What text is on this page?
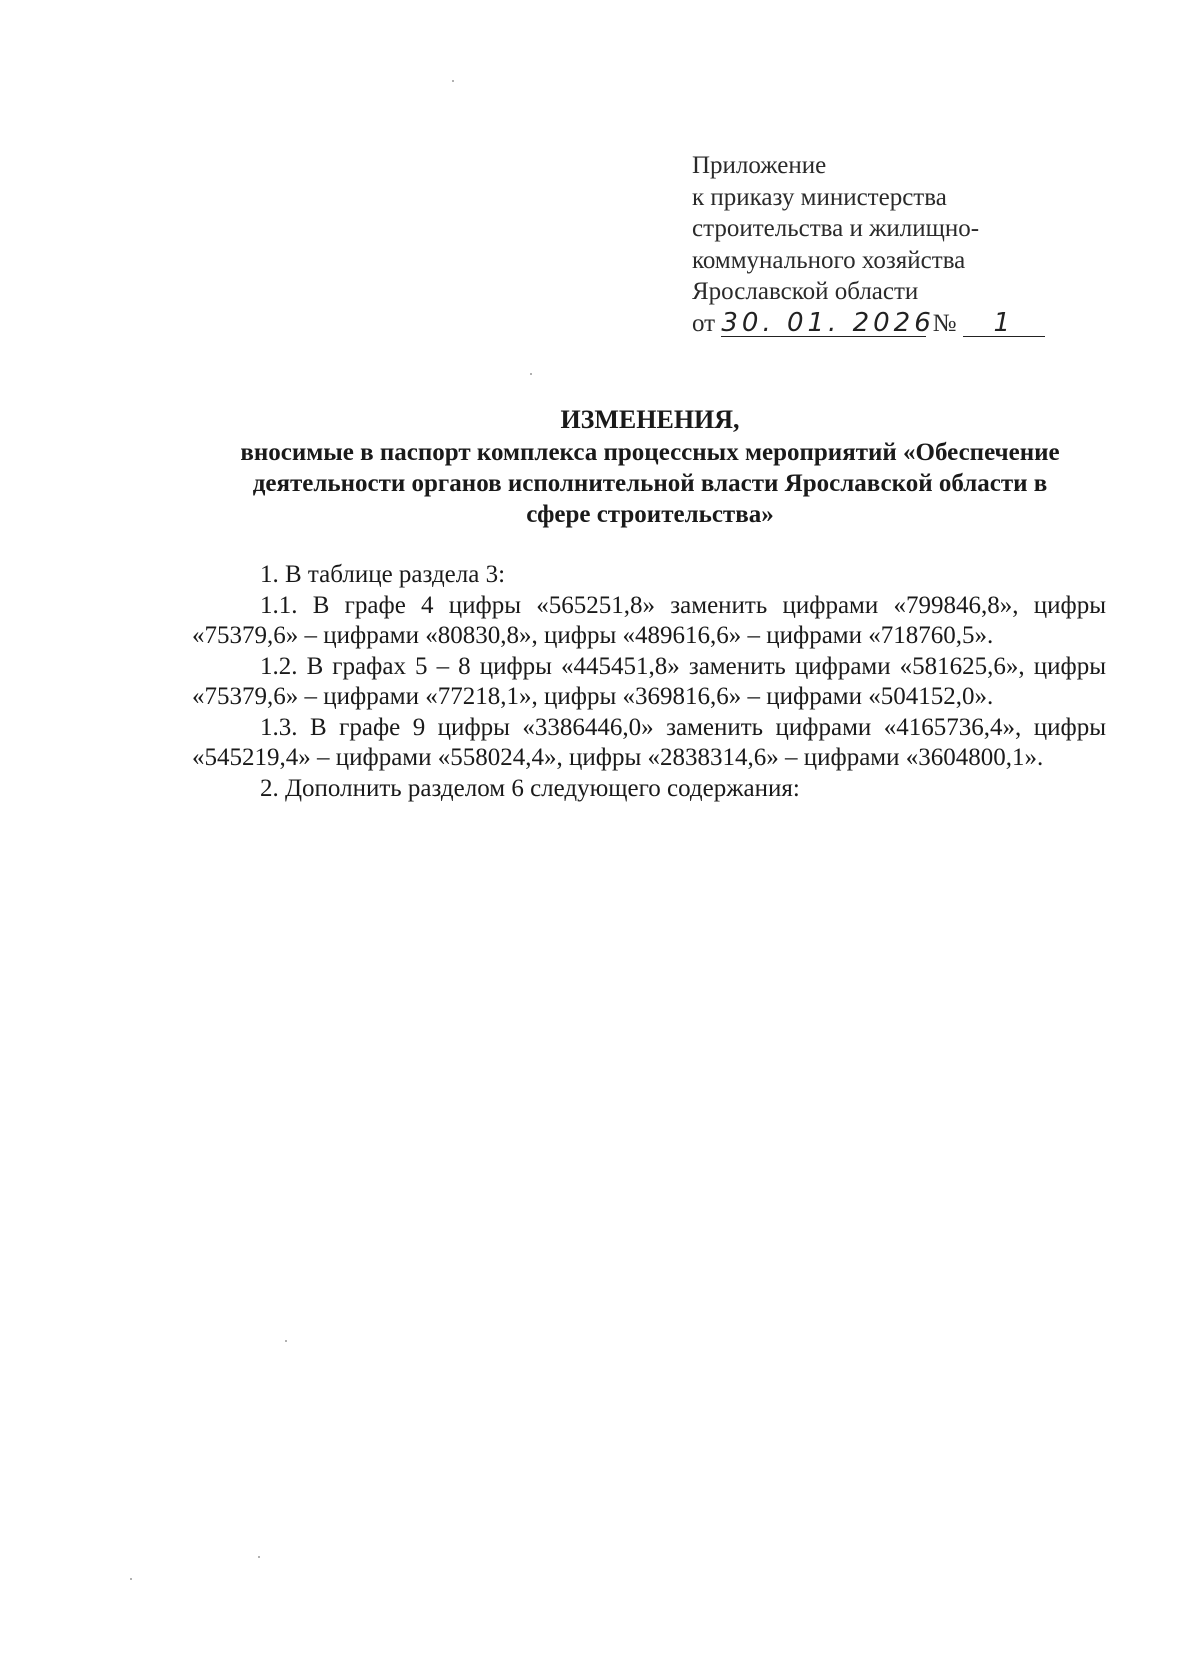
Приложение
к приказу министерства
строительства и жилищно-
коммунального хозяйства
Ярославской области
от 30. 01. 2026 № 1
ИЗМЕНЕНИЯ,
вносимые в паспорт комплекса процессных мероприятий «Обеспечение
деятельности органов исполнительной власти Ярославской области в
сфере строительства»

1. В таблице раздела 3:

1.1. В графе 4 цифры «565251,8» заменить цифрами «799846,8», цифры «75379,6» – цифрами «80830,8», цифры «489616,6» – цифрами «718760,5».

1.2. В графах 5 – 8 цифры «445451,8» заменить цифрами «581625,6», цифры «75379,6» – цифрами «77218,1», цифры «369816,6» – цифрами «504152,0».

1.3. В графе 9 цифры «3386446,0» заменить цифрами «4165736,4», цифры «545219,4» – цифрами «558024,4», цифры «2838314,6» – цифрами «3604800,1».

2. Дополнить разделом 6 следующего содержания:
